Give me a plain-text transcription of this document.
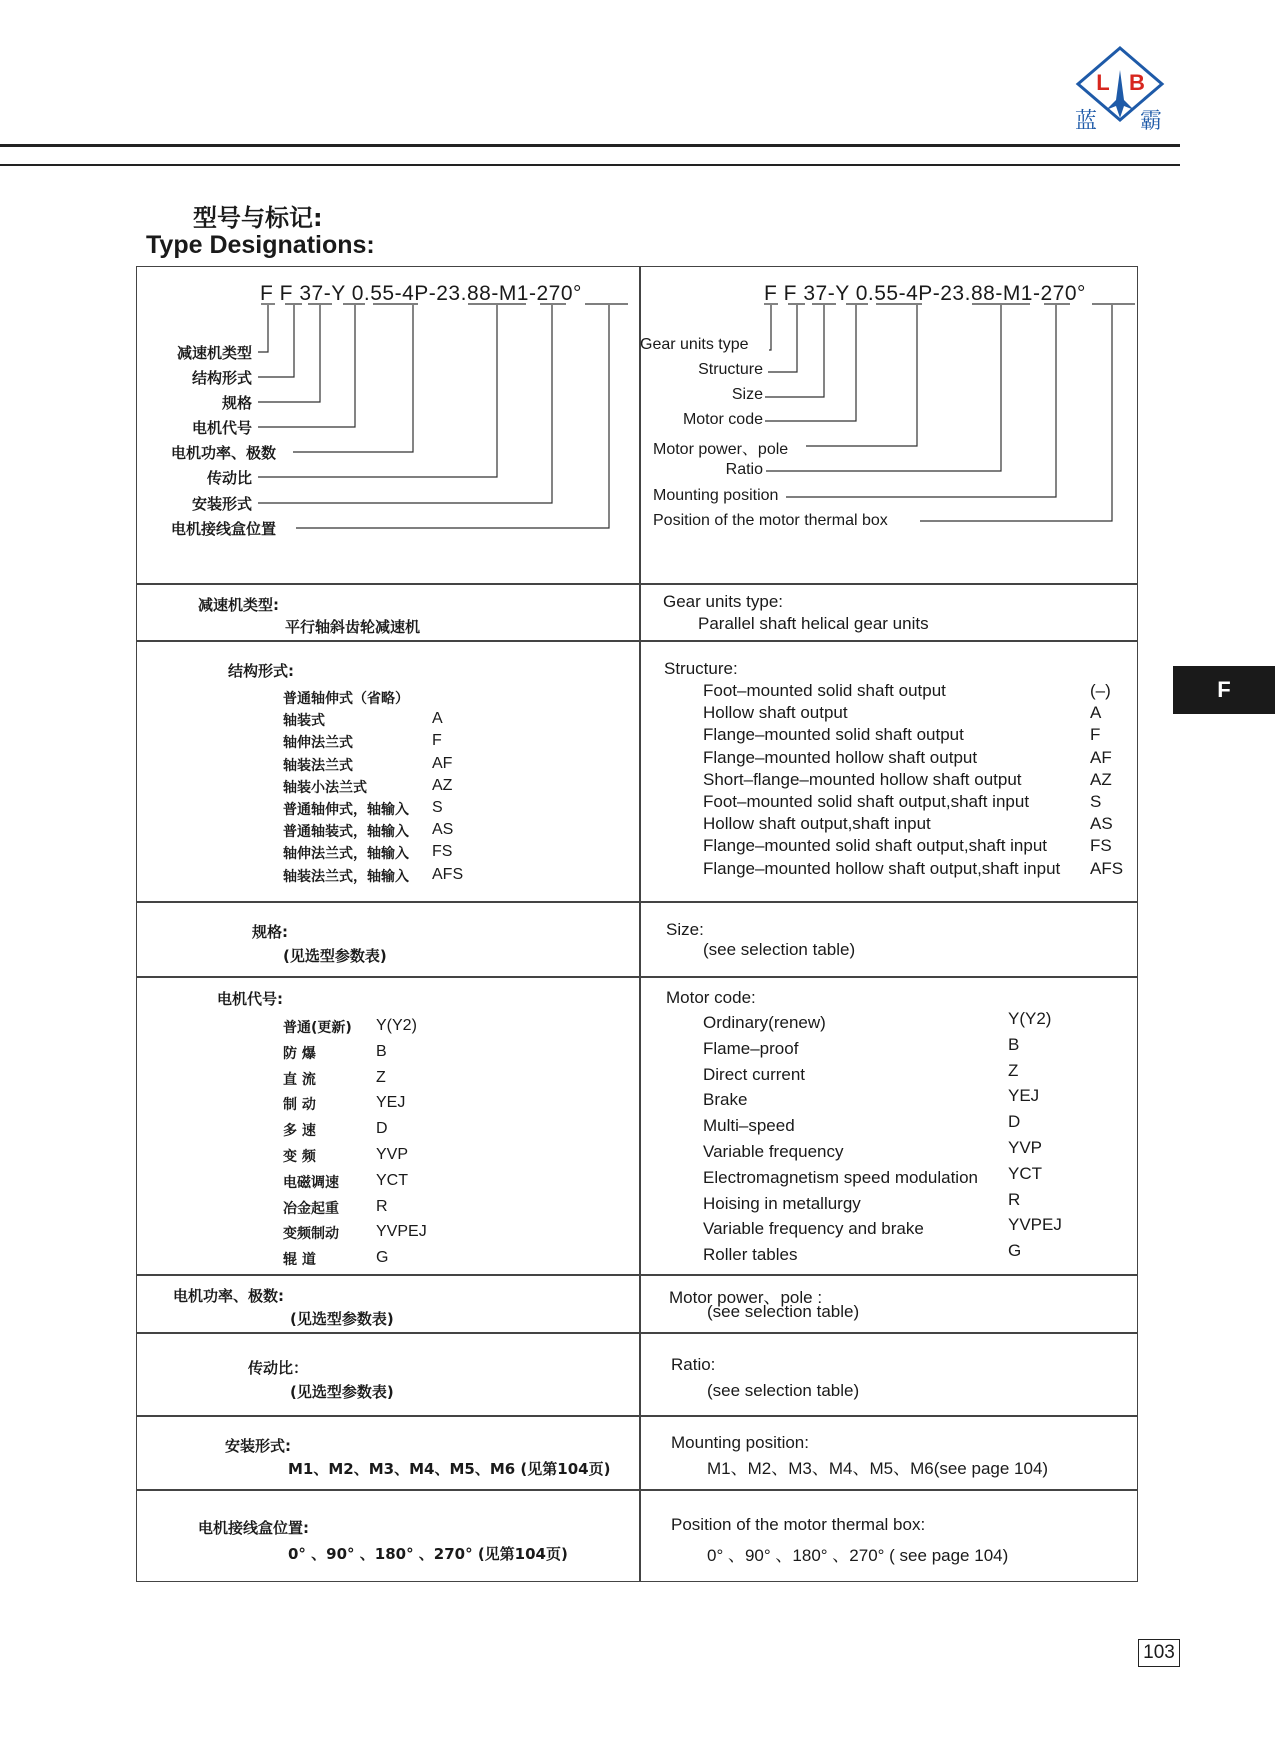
L B
蓝 霸
型号与标记:
Type Designations:
F
F F 37-Y 0.55-4P-23.88-M1-270°	F F 37-Y 0.55-4P-23.88-M1-270°
减速机类型
结构形式
规格
电机代号
电机功率、极数
传动比
安装形式
电机接线盒位置
Gear units type
Structure
Size
Motor code
Motor power、pole
Ratio
Mounting position
Position of the motor thermal box
减速机类型:
平行轴斜齿轮减速机
Gear units type:
Parallel shaft helical gear units
结构形式:	Structure:
普通轴伸式（省略）
轴装式	A
轴伸法兰式	F
轴装法兰式	AF
轴装小法兰式	AZ
普通轴伸式，轴输入 S
普通轴装式，轴输入 AS
轴伸法兰式，轴输入 FS
轴装法兰式，轴输入 AFS
Foot–mounted solid shaft output	(–)
Hollow shaft output	A
Flange–mounted solid shaft output	F
Flange–mounted hollow shaft output	AF
Short–flange–mounted hollow shaft output	AZ
Foot–mounted solid shaft output,shaft input	S
Hollow shaft output,shaft input	AS
Flange–mounted solid shaft output,shaft input	FS
Flange–mounted hollow shaft output,shaft input AFS
规格:
(见选型参数表)
Size:
(see selection table)
电机代号:	Motor code:
普通(更新) Y(Y2)
防 爆	B
直 流	Z
制 动	YEJ
多 速	D
变 频	YVP
电磁调速 YCT
冶金起重 R
变频制动 YVPEJ
辊 道	G
Ordinary(renew)	Y(Y2)
Flame–proof	B
Direct current	Z
Brake	YEJ
Multi–speed	D
Variable frequency	YVP
Electromagnetism speed modulation YCT
Hoising in metallurgy	R
Variable frequency and brake	YVPEJ
Roller tables	G
电机功率、极数:
(见选型参数表)
Motor power、pole :
(see selection table)
传动比：
(见选型参数表)
Ratio:
(see selection table)
安装形式:
M1、M2、M3、M4、M5、M6 (见第104页)
Mounting position:
M1、M2、M3、M4、M5、M6(see page 104)
电机接线盒位置:
0° 、90° 、180° 、270° (见第104页)
Position of the motor thermal box:
0° 、90° 、180° 、270° ( see page 104)
103
